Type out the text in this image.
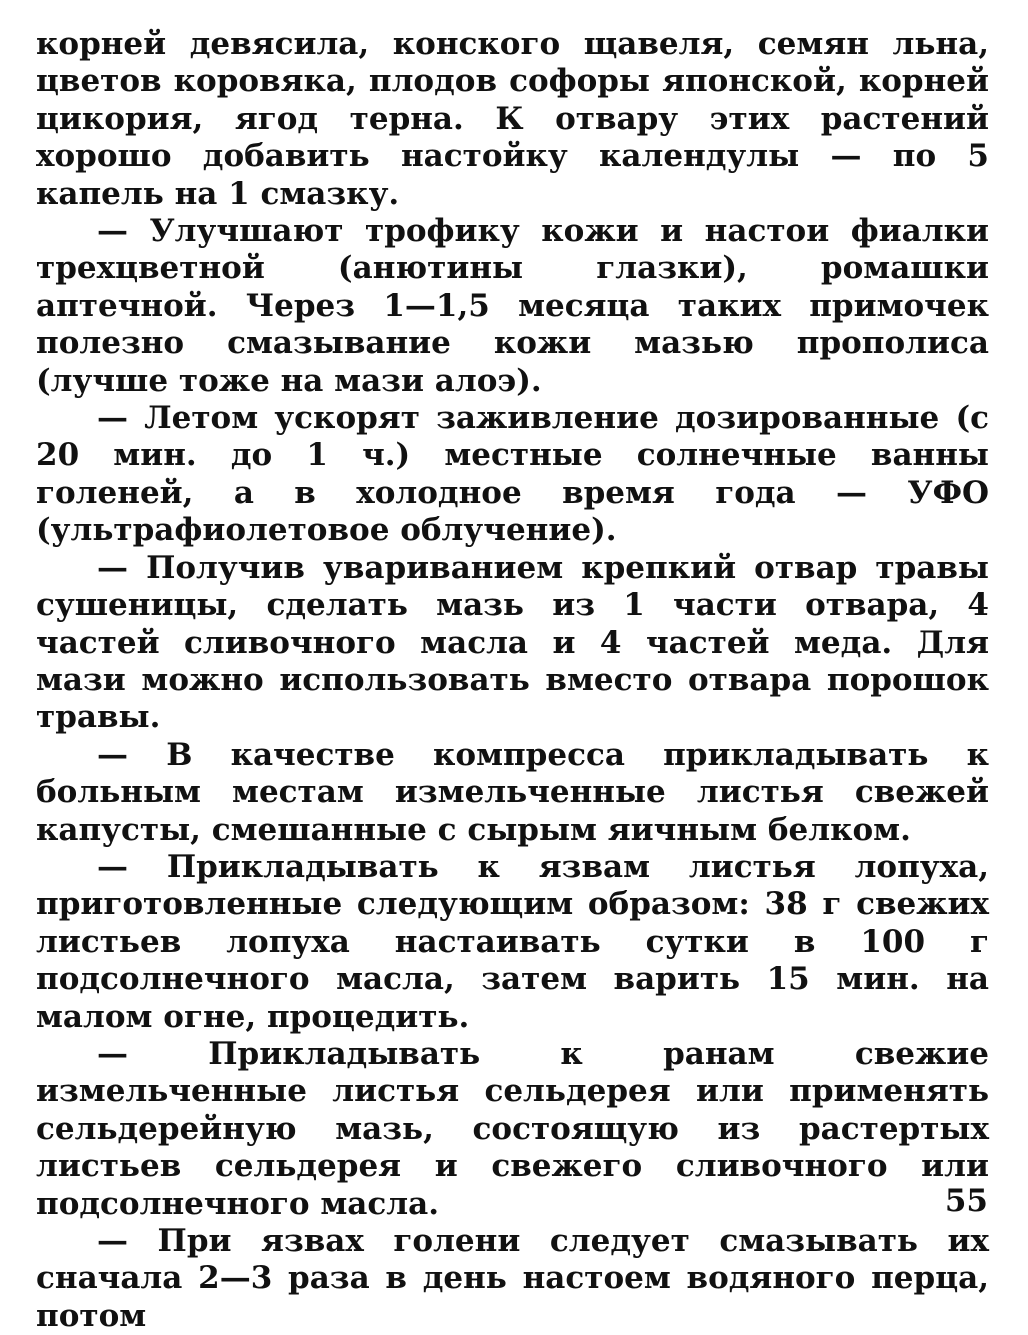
корней девясила, конского щавеля, семян льна, цветов коровяка, плодов софоры японской, корней цикория, ягод терна. К отвару этих растений хорошо добавить настойку календулы — по 5 капель на 1 смазку.

— Улучшают трофику кожи и настои фиалки трехцветной (анютины глазки), ромашки аптечной. Через 1—1,5 месяца таких примочек полезно смазывание кожи мазью прополиса (лучше тоже на мази алоэ).

— Летом ускорят заживление дозированные (с 20 мин. до 1 ч.) местные солнечные ванны голеней, а в холодное время года — УФО (ультрафиолетовое облучение).

— Получив увариванием крепкий отвар травы сушеницы, сделать мазь из 1 части отвара, 4 частей сливочного масла и 4 частей меда. Для мази можно использовать вместо отвара порошок травы.

— В качестве компресса прикладывать к больным местам измельченные листья свежей капусты, смешанные с сырым яичным белком.

— Прикладывать к язвам листья лопуха, приготовленные следующим образом: 38 г свежих листьев лопуха настаивать сутки в 100 г подсолнечного масла, затем варить 15 мин. на малом огне, процедить.

— Прикладывать к ранам свежие измельченные листья сельдерея или применять сельдерейную мазь, состоящую из растертых листьев сельдерея и свежего сливочного или подсолнечного масла.

— При язвах голени следует смазывать их сначала 2—3 раза в день настоем водяного перца, потом

55
